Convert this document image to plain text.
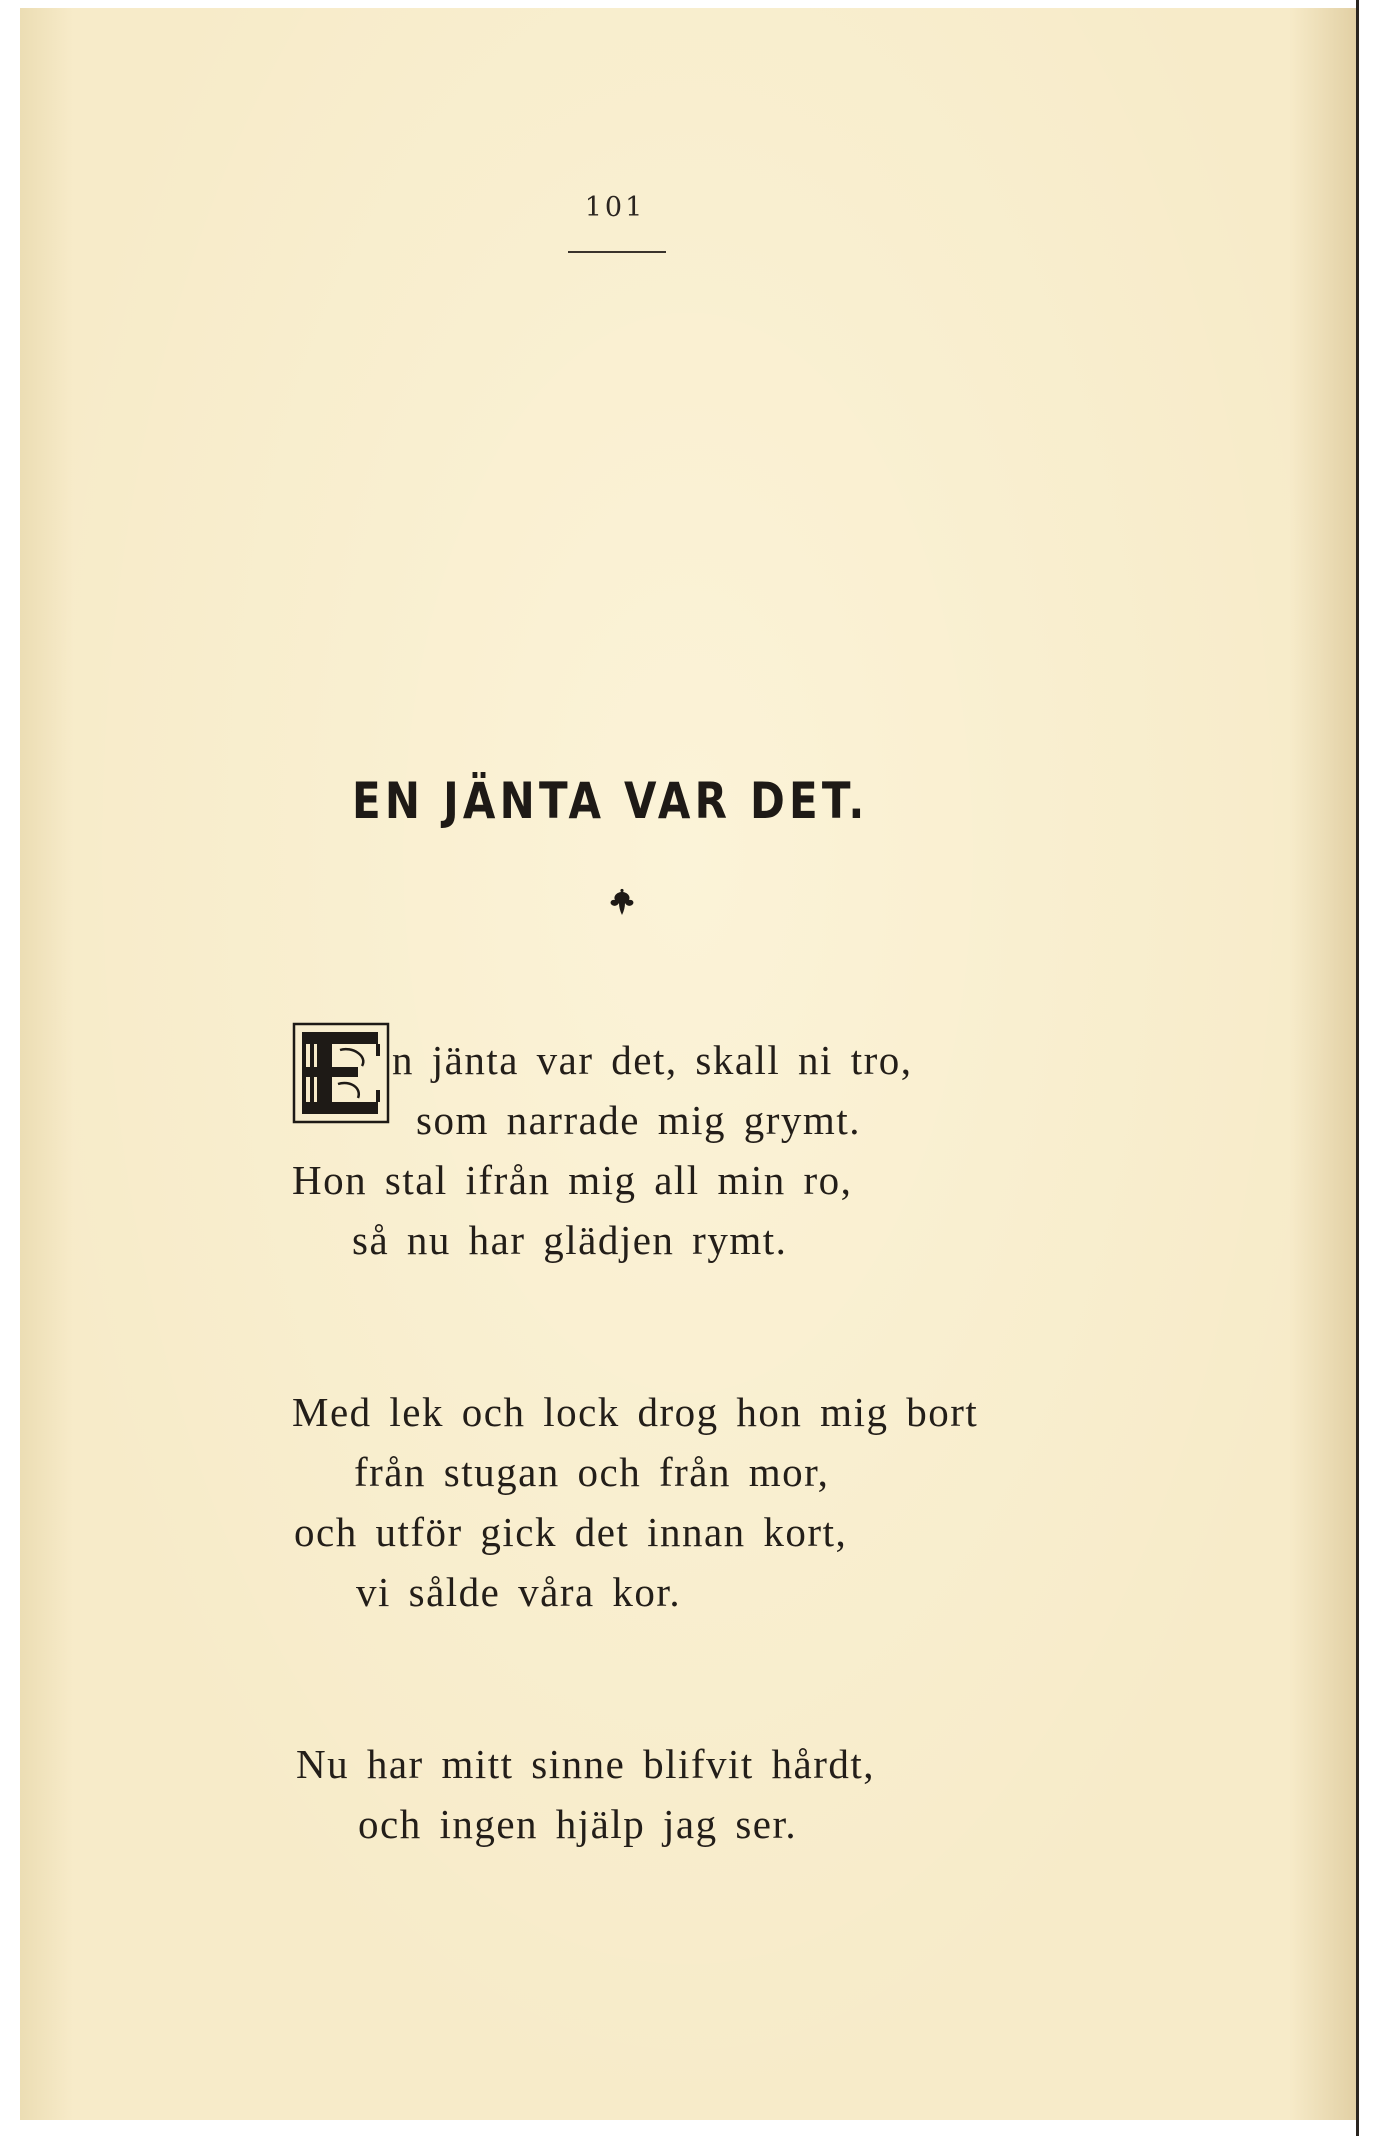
101
EN JÄNTA VAR DET.
n jänta var det, skall ni tro,
som narrade mig grymt.
Hon stal ifrån mig all min ro,
så nu har glädjen rymt.
Med lek och lock drog hon mig bort
från stugan och från mor,
och utför gick det innan kort,
vi sålde våra kor.
Nu har mitt sinne blifvit hårdt,
och ingen hjälp jag ser.
